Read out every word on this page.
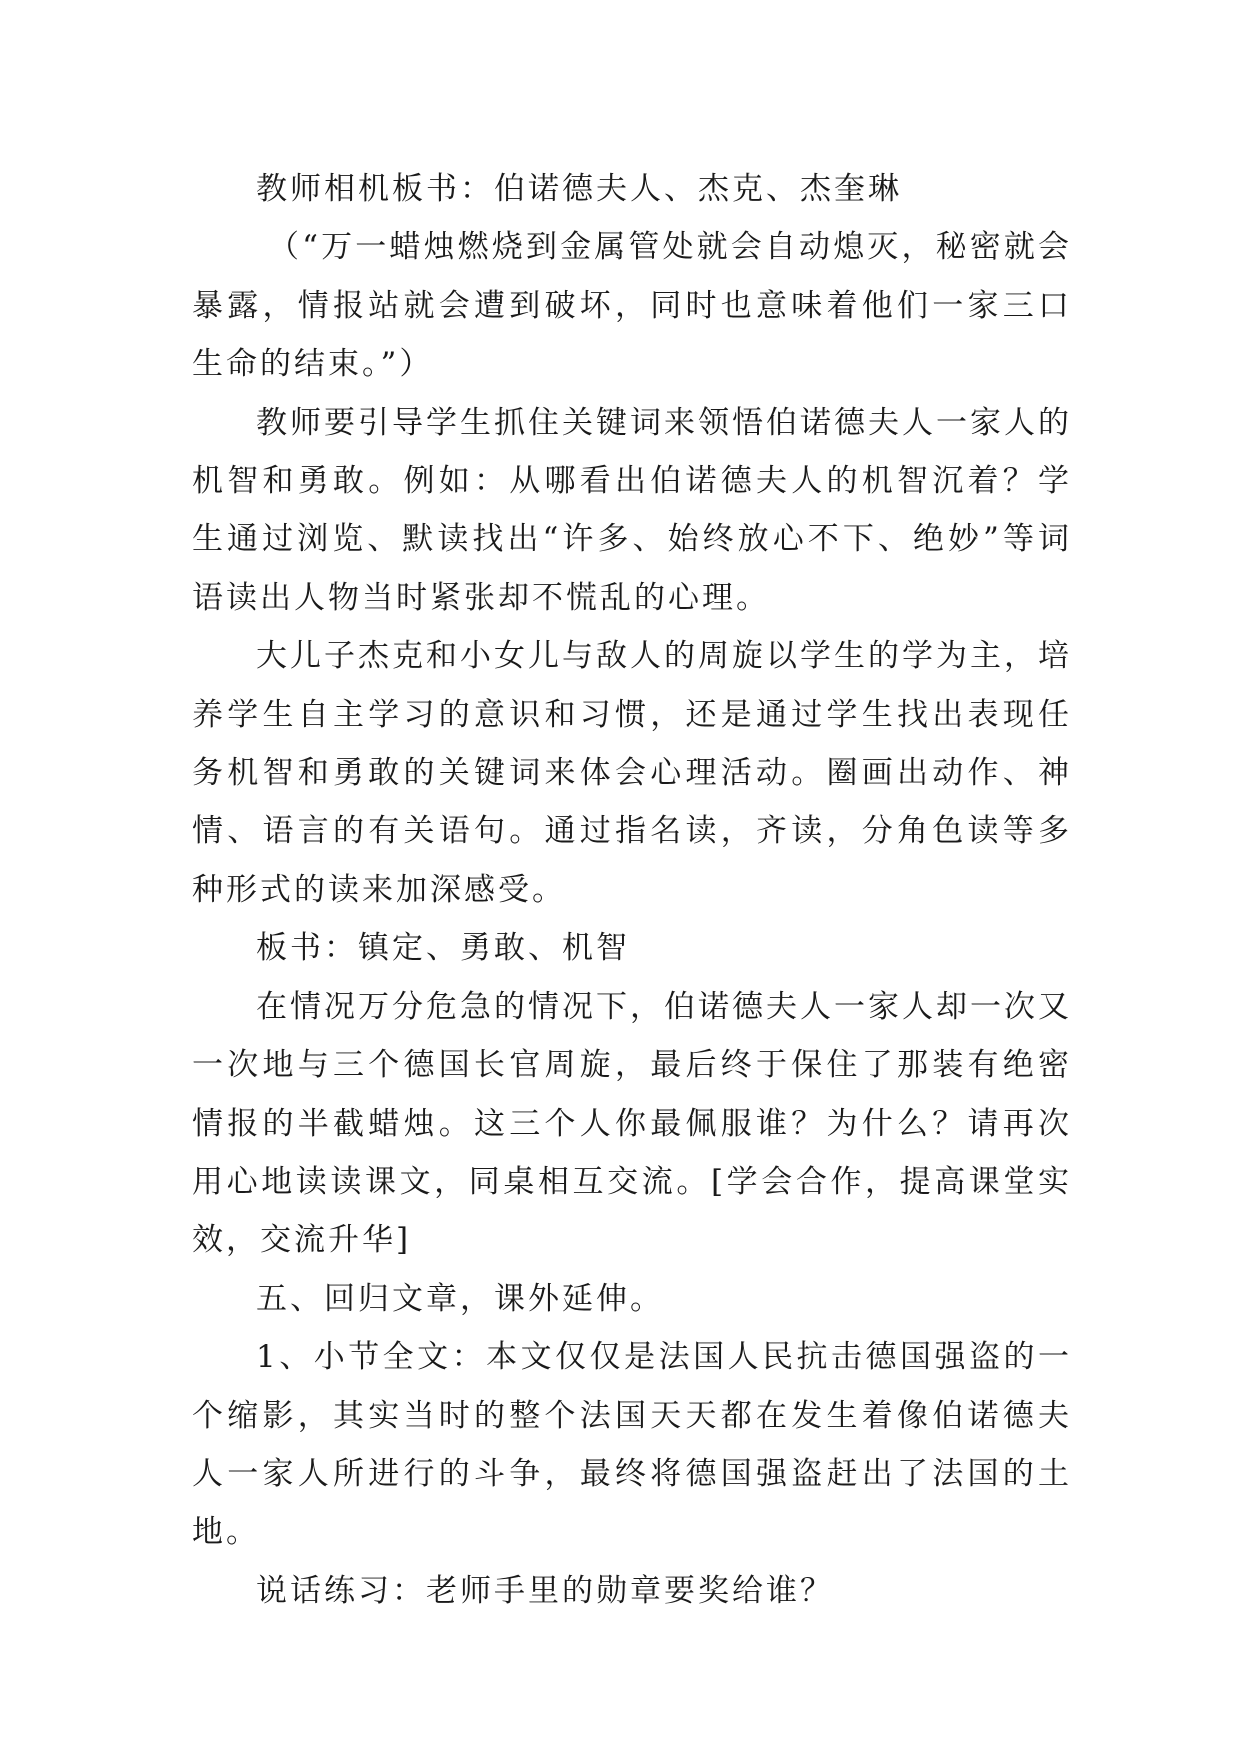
教师相机板书：伯诺德夫人、杰克、杰奎琳

（“万一蜡烛燃烧到金属管处就会自动熄灭，秘密就会暴露，情报站就会遭到破坏，同时也意味着他们一家三口生命的结束。”）

教师要引导学生抓住关键词来领悟伯诺德夫人一家人的机智和勇敢。例如：从哪看出伯诺德夫人的机智沉着？学生通过浏览、默读找出“许多、始终放心不下、绝妙”等词语读出人物当时紧张却不慌乱的心理。

大儿子杰克和小女儿与敌人的周旋以学生的学为主，培养学生自主学习的意识和习惯，还是通过学生找出表现任务机智和勇敢的关键词来体会心理活动。圈画出动作、神情、语言的有关语句。通过指名读，齐读，分角色读等多种形式的读来加深感受。

板书：镇定、勇敢、机智

在情况万分危急的情况下，伯诺德夫人一家人却一次又一次地与三个德国长官周旋，最后终于保住了那装有绝密情报的半截蜡烛。这三个人你最佩服谁？为什么？请再次用心地读读课文，同桌相互交流。[学会合作，提高课堂实效，交流升华]

五、回归文章，课外延伸。

1、小节全文：本文仅仅是法国人民抗击德国强盗的一个缩影，其实当时的整个法国天天都在发生着像伯诺德夫人一家人所进行的斗争，最终将德国强盗赶出了法国的土地。

说话练习：老师手里的勋章要奖给谁？
